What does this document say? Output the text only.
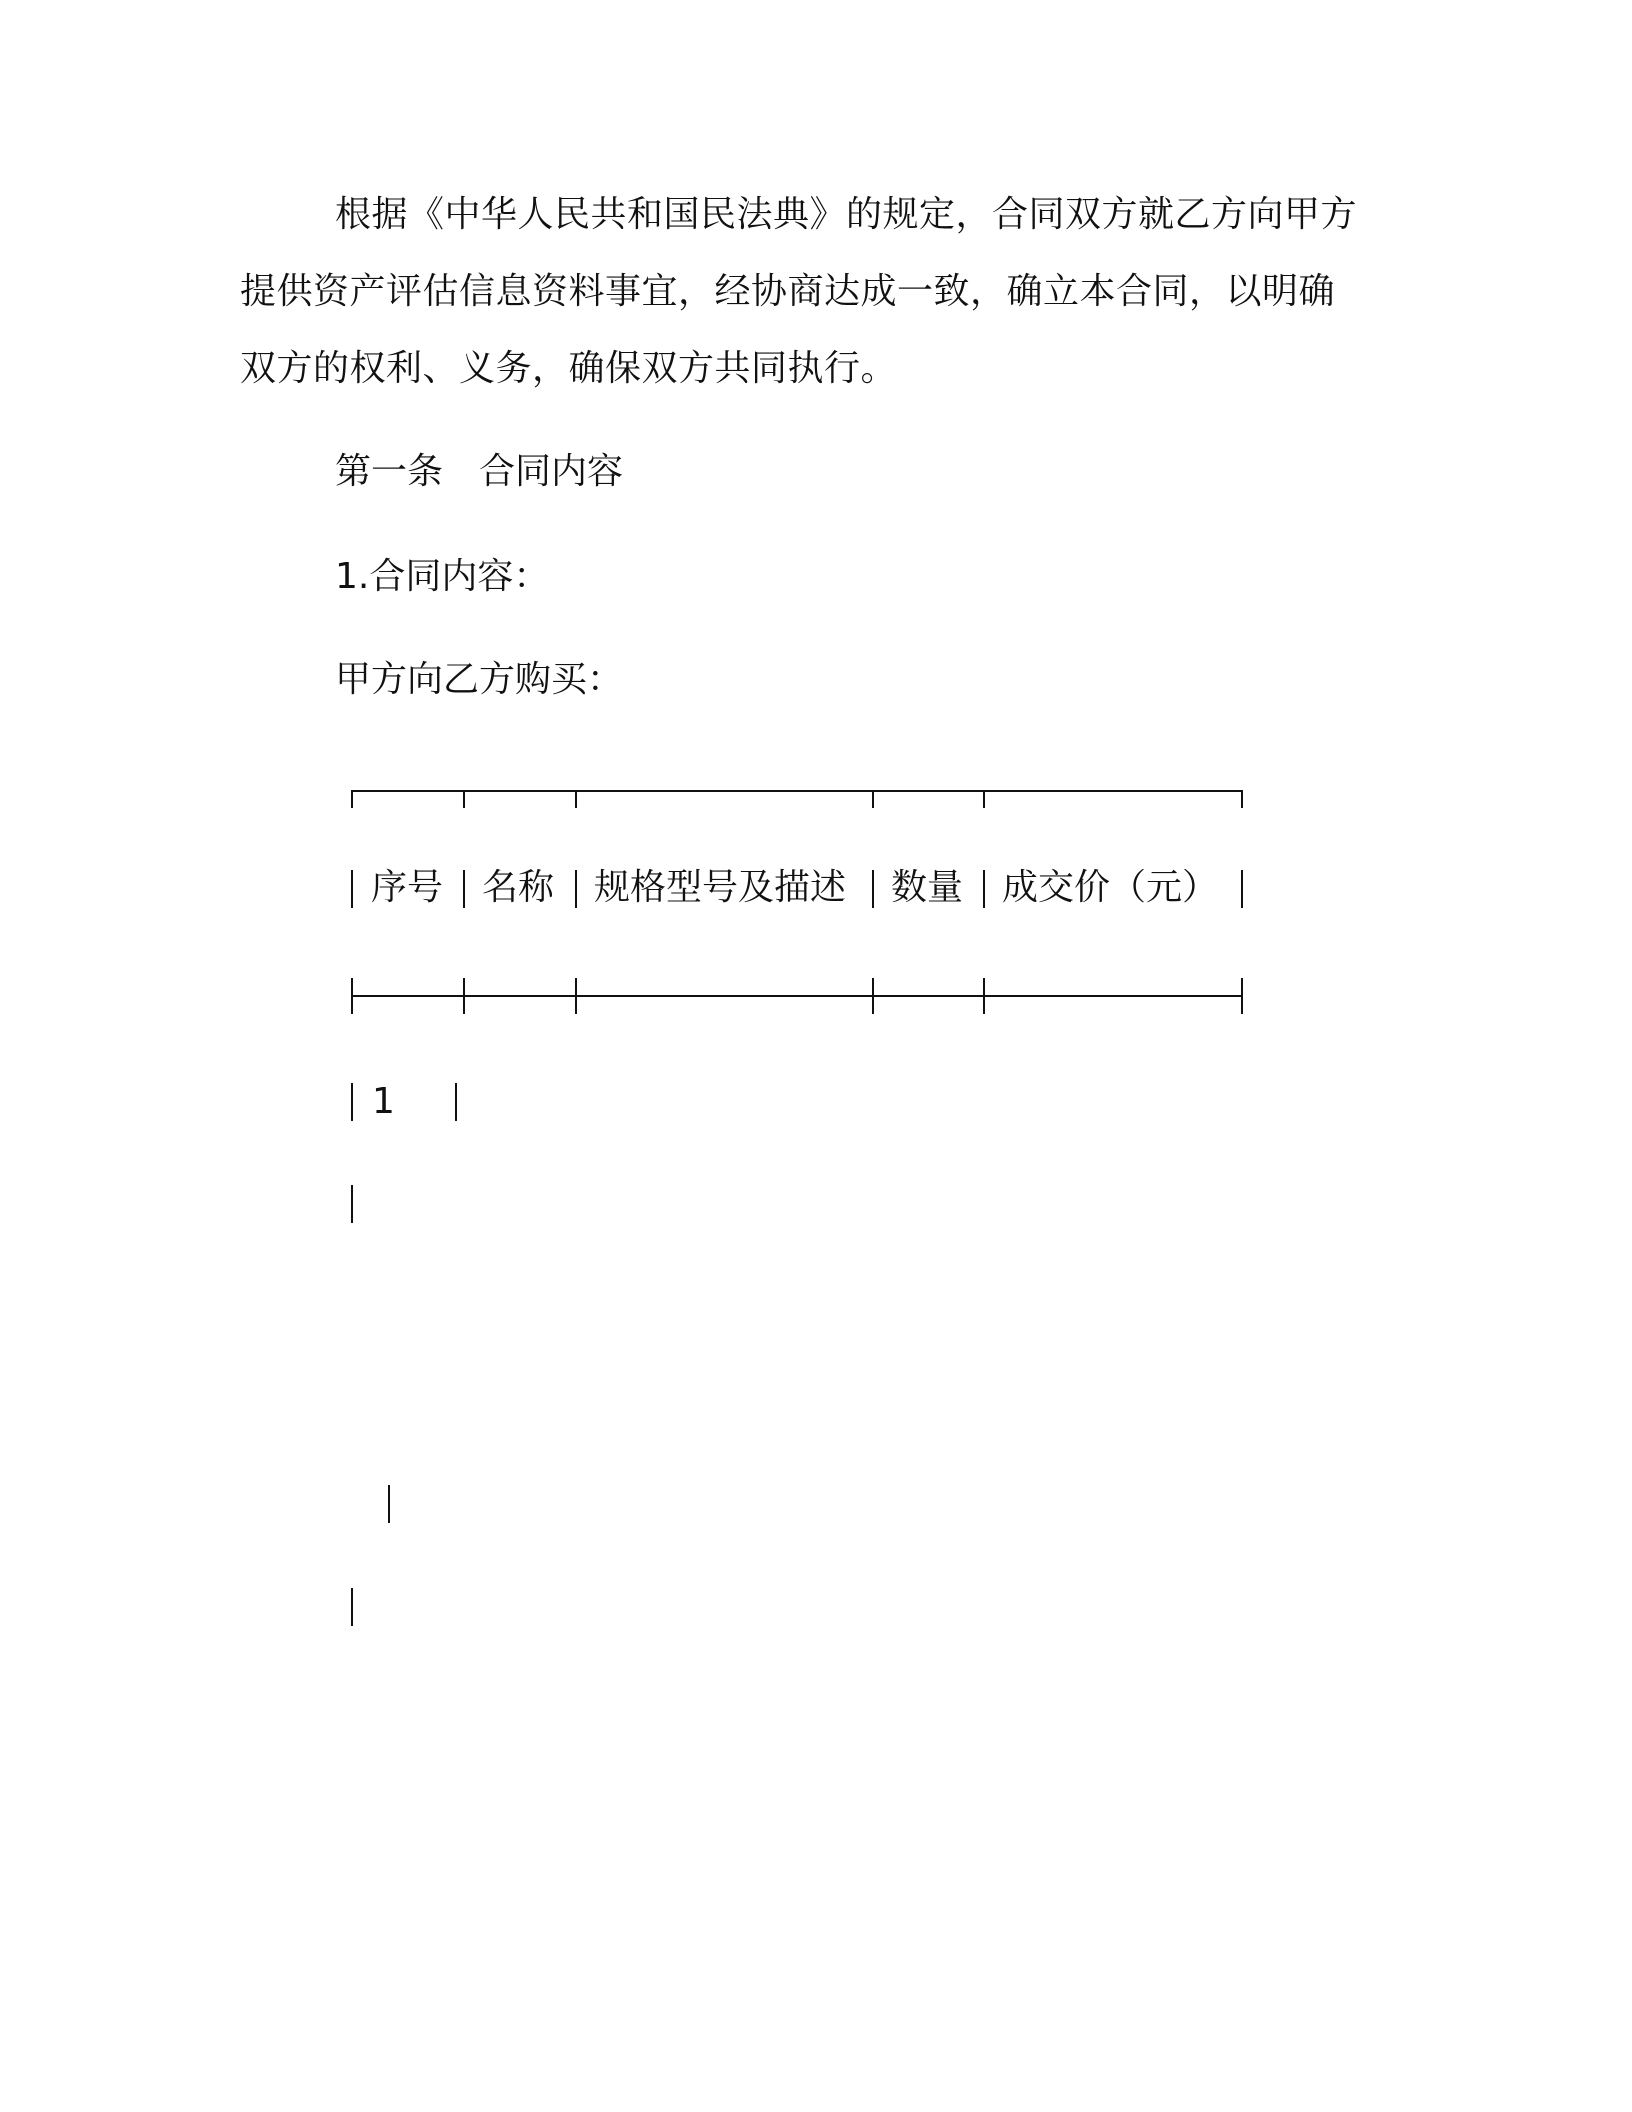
根据《中华人民共和国民法典》的规定，合同双方就乙方向甲方
提供资产评估信息资料事宜，经协商达成一致，确立本合同，以明确
双方的权利、义务，确保双方共同执行。
第一条　合同内容
1.合同内容：
甲方向乙方购买：
序号 名称 规格型号及描述 数量 成交价（元）
1
